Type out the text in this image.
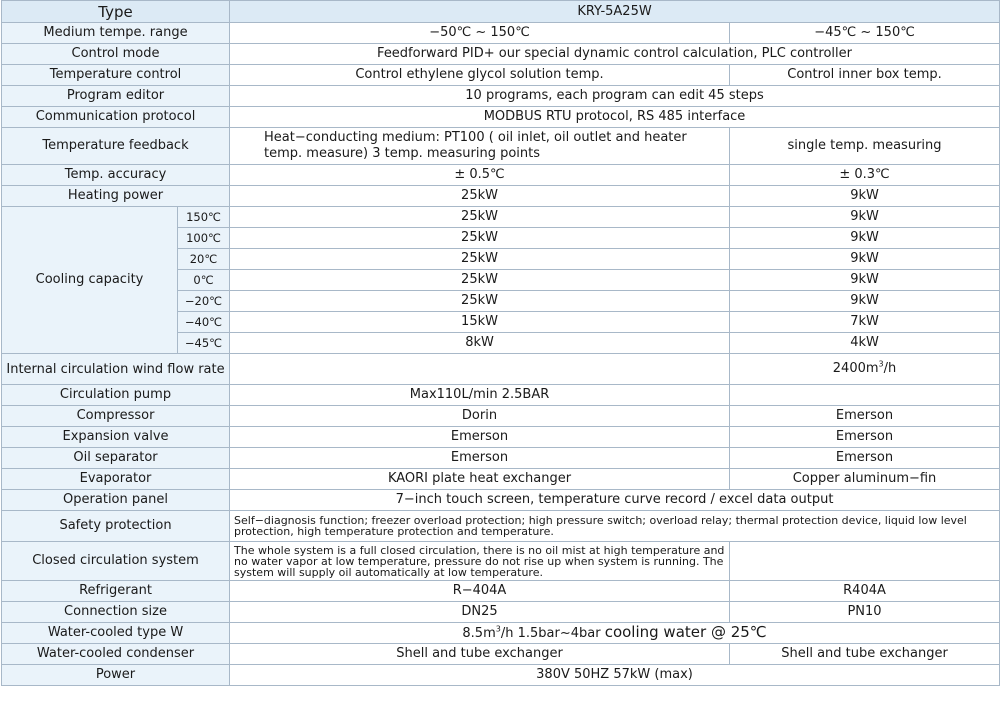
Type		KRY-5A25W	
Medium tempe. range		−50℃ ~ 150℃	−45℃ ~ 150℃
Control mode		Feedforward PID+ our special dynamic control calculation, PLC controller	
Temperature control		Control ethylene glycol solution temp.	Control inner box temp.
Program editor		10 programs, each program can edit 45 steps	
Communication protocol		MODBUS RTU protocol, RS 485 interface	
Temperature feedback		Heat−conducting medium: PT100 ( oil inlet, oil outlet and heater temp. measure) 3 temp. measuring points	single temp. measuring
Temp. accuracy		± 0.5℃	± 0.3℃
Heating power		25kW	9kW
Cooling capacity	150℃	25kW	9kW
	100℃	25kW	9kW
	20℃	25kW	9kW
	0℃	25kW	9kW
	−20℃	25kW	9kW
	−40℃	15kW	7kW
	−45℃	8kW	4kW
Internal circulation wind flow rate			$2400m^3/h$
Circulation pump		Max110L/min 2.5BAR	
Compressor		Dorin	Emerson
Expansion valve		Emerson	Emerson
Oil separator		Emerson	Emerson
Evaporator		KAORI plate heat exchanger	Copper aluminum−fin
Operation panel		7−inch touch screen, temperature curve record / excel data output	
Safety protection		Self−diagnosis function; freezer overload protection; high pressure switch; overload relay; thermal protection device, liquid low level protection, high temperature protection and temperature.	
Closed circulation system		The whole system is a full closed circulation, there is no oil mist at high temperature and no water vapor at low temperature, pressure do not rise up when system is running. The system will supply oil automatically at low temperature.	
Refrigerant		R−404A	R404A
Connection size		DN25	PN10
Water-cooled type W		$8.5m^3/h$ 1.5bar~4bar cooling water @ 25℃	
Water-cooled condenser		Shell and tube exchanger	Shell and tube exchanger
Power		380V 50HZ 57kW (max)	
